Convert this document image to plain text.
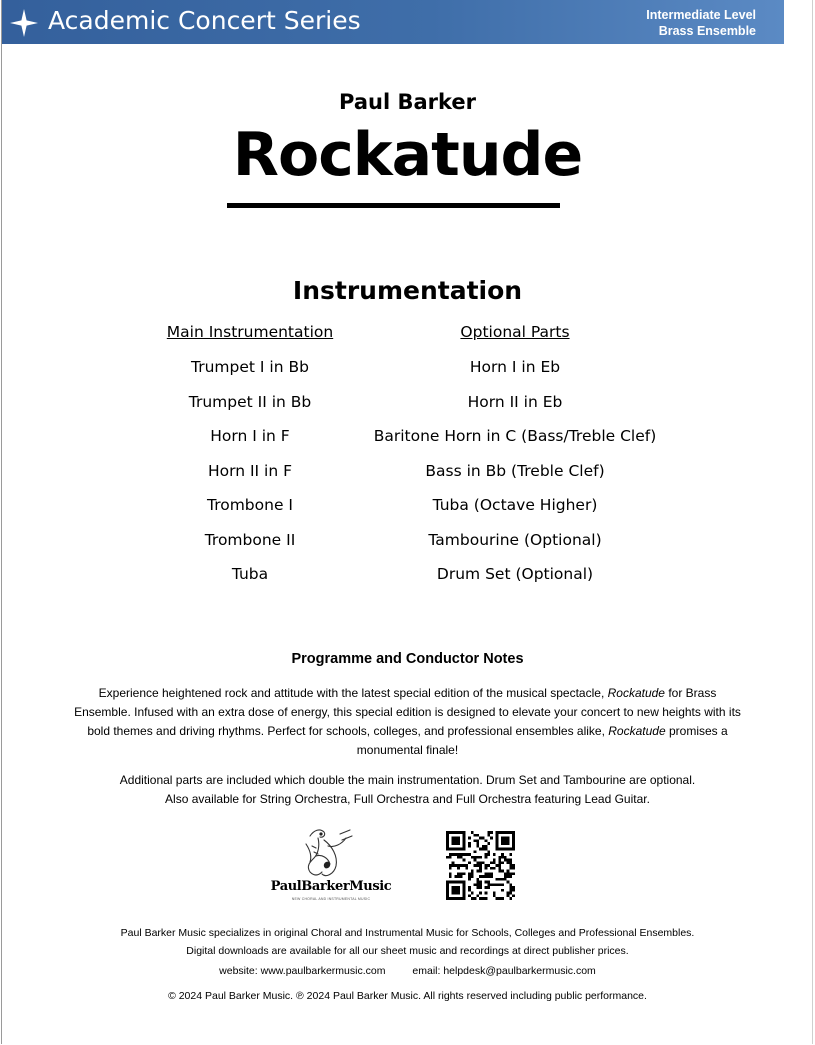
Academic Concert Series	Intermediate Level
Brass Ensemble
Paul Barker
Rockatude
Instrumentation
Main Instrumentation
Trumpet I in Bb
Trumpet II in Bb
Horn I in F
Horn II in F
Trombone I
Trombone II
Tuba
Optional Parts
Horn I in Eb
Horn II in Eb
Baritone Horn in C (Bass/Treble Clef)
Bass in Bb (Treble Clef)
Tuba (Octave Higher)
Tambourine (Optional)
Drum Set (Optional)
Programme and Conductor Notes
Experience heightened rock and attitude with the latest special edition of the musical spectacle, Rockatude for Brass Ensemble. Infused with an extra dose of energy, this special edition is designed to elevate your concert to new heights with its bold themes and driving rhythms. Perfect for schools, colleges, and professional ensembles alike, Rockatude promises a monumental finale!
Additional parts are included which double the main instrumentation. Drum Set and Tambourine are optional.
Also available for String Orchestra, Full Orchestra and Full Orchestra featuring Lead Guitar.
PaulBarkerMusic
NEW CHORAL AND INSTRUMENTAL MUSIC
Paul Barker Music specializes in original Choral and Instrumental Music for Schools, Colleges and Professional Ensembles.
Digital downloads are available for all our sheet music and recordings at direct publisher prices.
website: www.paulbarkermusic.com	email: helpdesk@paulbarkermusic.com
© 2024 Paul Barker Music. ℗ 2024 Paul Barker Music. All rights reserved including public performance.
